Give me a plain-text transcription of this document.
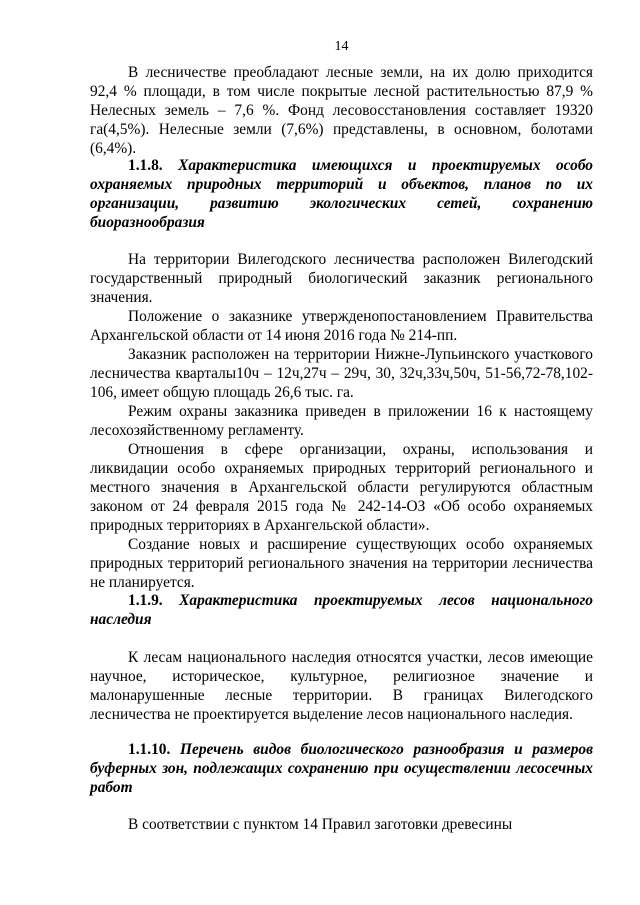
14

В лесничестве преобладают лесные земли, на их долю приходится 92,4 % площади, в том числе покрытые лесной растительностью 87,9 % Нелесных земель – 7,6 %. Фонд лесовосстановления составляет 19320 га(4,5%). Нелесные земли (7,6%) представлены, в основном, болотами (6,4%).

1.1.8. Характеристика имеющихся и проектируемых особо охраняемых природных территорий и объектов, планов по их организации, развитию экологических сетей, сохранению биоразнообразия

На территории Вилегодского лесничества расположен Вилегодский государственный природный биологический заказник регионального значения.

Положение о заказнике утвержденопостановлением Правительства Архангельской области от 14 июня 2016 года № 214-пп.

Заказник расположен на территории Нижне-Лупьинского участкового лесничества кварталы10ч – 12ч,27ч – 29ч, 30, 32ч,33ч,50ч, 51-56,72-78,102-106, имеет общую площадь 26,6 тыс. га.

Режим охраны заказника приведен в приложении 16 к настоящему лесохозяйственному регламенту.

Отношения в сфере организации, охраны, использования и ликвидации особо охраняемых природных территорий регионального и местного значения в Архангельской области регулируются областным законом от 24 февраля 2015 года № 242-14-ОЗ «Об особо охраняемых природных территориях в Архангельской области».

Создание новых и расширение существующих особо охраняемых природных территорий регионального значения на территории лесничества не планируется.

1.1.9. Характеристика проектируемых лесов национального наследия

К лесам национального наследия относятся участки, лесов имеющие научное, историческое, культурное, религиозное значение и малонарушенные лесные территории. В границах Вилегодского лесничества не проектируется выделение лесов национального наследия.

1.1.10. Перечень видов биологического разнообразия и размеров буферных зон, подлежащих сохранению при осуществлении лесосечных работ

В соответствии с пунктом 14 Правил заготовки древесины
